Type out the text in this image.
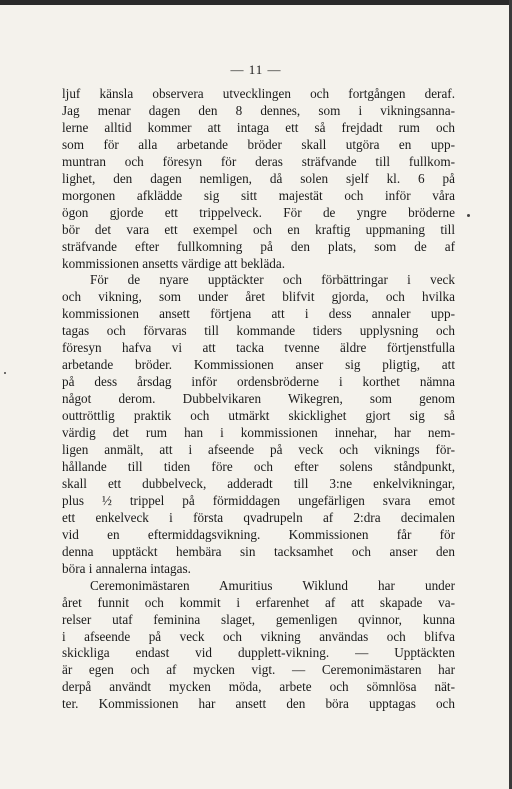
— 11 —
ljuf känsla observera utvecklingen och fortgången deraf.
Jag menar dagen den 8 dennes, som i vikningsanna-
lerne alltid kommer att intaga ett så frejdadt rum och
som för alla arbetande bröder skall utgöra en upp-
muntran och föresyn för deras sträfvande till fullkom-
lighet, den dagen nemligen, då solen sjelf kl. 6 på
morgonen afklädde sig sitt majestät och inför våra
ögon gjorde ett trippelveck. För de yngre bröderne
bör det vara ett exempel och en kraftig uppmaning till
sträfvande efter fullkomning på den plats, som de af
kommissionen ansetts värdige att bekläda.
För de nyare upptäckter och förbättringar i veck
och vikning, som under året blifvit gjorda, och hvilka
kommissionen ansett förtjena att i dess annaler upp-
tagas och förvaras till kommande tiders upplysning och
föresyn hafva vi att tacka tvenne äldre förtjenstfulla
arbetande bröder. Kommissionen anser sig pligtig, att
på dess årsdag inför ordensbröderne i korthet nämna
något derom. Dubbelvikaren Wikegren, som genom
outtröttlig praktik och utmärkt skicklighet gjort sig så
värdig det rum han i kommissionen innehar, har nem-
ligen anmält, att i afseende på veck och viknings för-
hållande till tiden före och efter solens ståndpunkt,
skall ett dubbelveck, adderadt till 3:ne enkelvikningar,
plus ½ trippel på förmiddagen ungefärligen svara emot
ett enkelveck i första qvadrupeln af 2:dra decimalen
vid en eftermiddagsvikning. Kommissionen får för
denna upptäckt hembära sin tacksamhet och anser den
böra i annalerna intagas.
Ceremonimästaren Amuritius Wiklund har under
året funnit och kommit i erfarenhet af att skapade va-
relser utaf feminina slaget, gemenligen qvinnor, kunna
i afseende på veck och vikning användas och blifva
skickliga endast vid dupplett-vikning. — Upptäckten
är egen och af mycken vigt. — Ceremonimästaren har
derpå användt mycken möda, arbete och sömnlösa nät-
ter. Kommissionen har ansett den böra upptagas och
